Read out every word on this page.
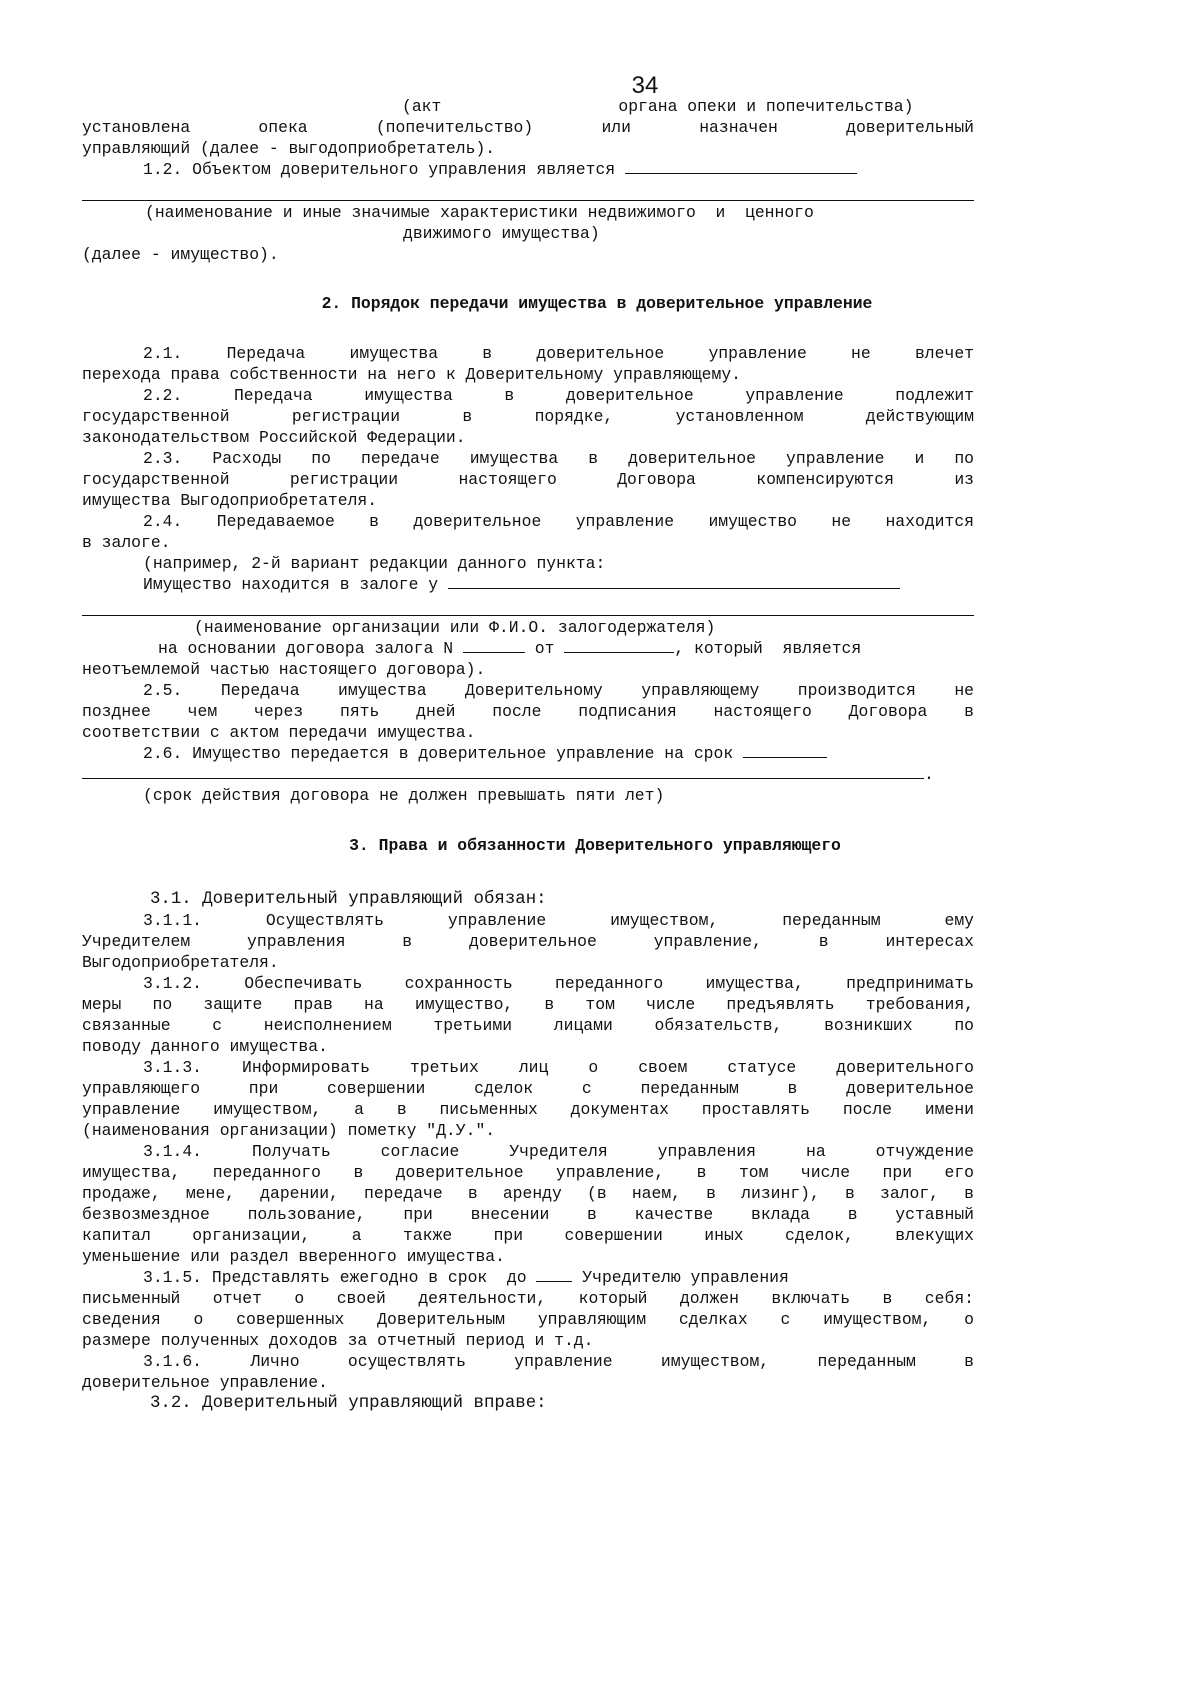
34
(акт                  органа опеки и попечительства)
установлена опека (попечительство) или назначен доверительный
управляющий (далее - выгодоприобретатель).
1.2. Объектом доверительного управления является
(наименование и иные значимые характеристики недвижимого  и  ценного
движимого имущества)
(далее - имущество).
2. Порядок передачи имущества в доверительное управление
2.1. Передача имущества в доверительное управление не влечет
перехода права собственности на него к Доверительному управляющему.
2.2. Передача имущества в доверительное управление подлежит
государственной регистрации в порядке, установленном действующим
законодательством Российской Федерации.
2.3. Расходы по передаче имущества в доверительное управление и по
государственной регистрации настоящего Договора компенсируются из
имущества Выгодоприобретателя.
2.4. Передаваемое в доверительное управление имущество не находится
в залоге.
(например, 2-й вариант редакции данного пункта:
Имущество находится в залоге у
(наименование организации или Ф.И.О. залогодержателя)
на основании договора залога N	от	, который  является
неотъемлемой частью настоящего договора).
2.5. Передача имущества Доверительному управляющему производится не
позднее чем через пять дней после подписания настоящего Договора в
соответствии с актом передачи имущества.
2.6. Имущество передается в доверительное управление на срок
.
(срок действия договора не должен превышать пяти лет)
3. Права и обязанности Доверительного управляющего
3.1. Доверительный управляющий обязан:
3.1.1. Осуществлять управление имуществом, переданным ему
Учредителем управления в доверительное управление, в интересах
Выгодоприобретателя.
3.1.2. Обеспечивать сохранность переданного имущества, предпринимать
меры по защите прав на имущество, в том числе предъявлять требования,
связанные с неисполнением третьими лицами обязательств, возникших по
поводу данного имущества.
3.1.3. Информировать третьих лиц о своем статусе доверительного
управляющего при совершении сделок с переданным в доверительное
управление имуществом, а в письменных документах проставлять после имени
(наименования организации) пометку "Д.У.".
3.1.4. Получать согласие Учредителя управления на отчуждение
имущества, переданного в доверительное управление, в том числе при его
продаже, мене, дарении, передаче в аренду (в наем, в лизинг), в залог, в
безвозмездное пользование, при внесении в качестве вклада в уставный
капитал организации, а также при совершении иных сделок, влекущих
уменьшение или раздел вверенного имущества.
3.1.5. Представлять ежегодно в срок  до	Учредителю управления
письменный отчет о своей деятельности, который должен включать в себя:
сведения о совершенных Доверительным управляющим сделках с имуществом, о
размере полученных доходов за отчетный период и т.д.
3.1.6. Лично осуществлять управление имуществом, переданным в
доверительное управление.
3.2. Доверительный управляющий вправе:
